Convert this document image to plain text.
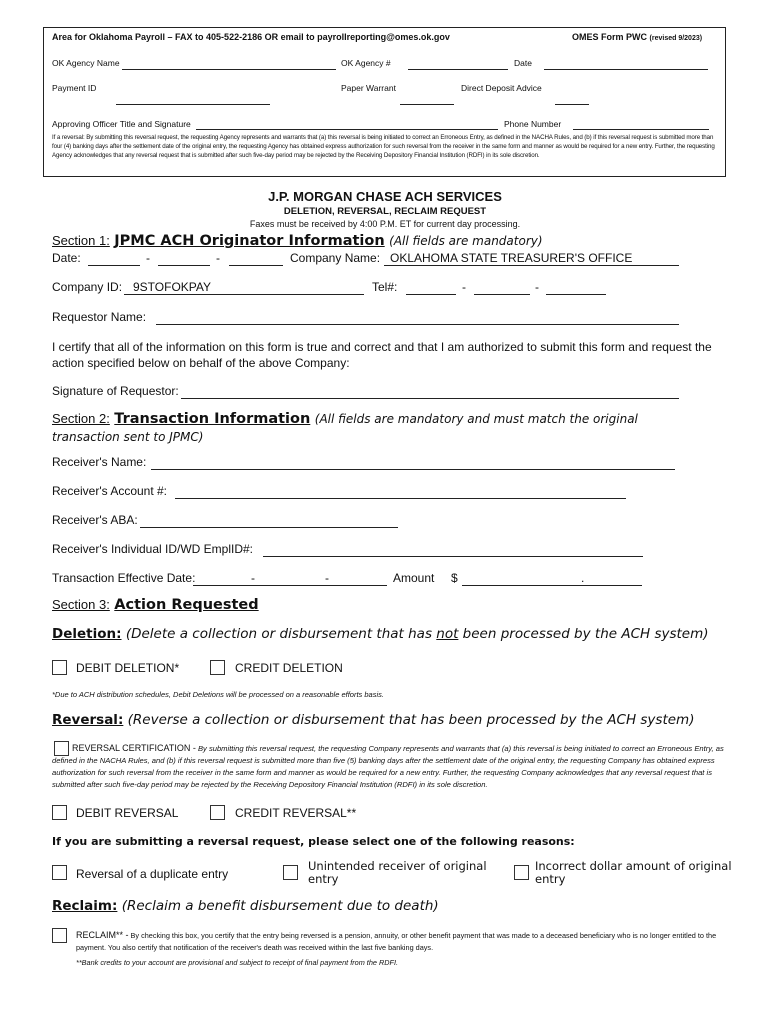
Area for Oklahoma Payroll – FAX to 405-522-2186 OR email to payrollreporting@omes.ok.gov	OMES Form PWC (revised 9/2023)
OK Agency Name	OK Agency #	Date
Payment ID	Paper Warrant	Direct Deposit Advice
Approving Officer Title and Signature	Phone Number
If a reversal: By submitting this reversal request, the requesting Agency represents and warrants that (a) this reversal is being initiated to correct an Erroneous Entry, as defined in the NACHA Rules, and (b) if this reversal request is submitted more than four (4) banking days after the settlement date of the original entry, the requesting Agency has obtained express authorization for such reversal from the receiver in the same form and manner as would be required for a new entry. Further, the requesting Agency acknowledges that any reversal request that is submitted after such five-day period may be rejected by the Receiving Depository Financial Institution (RDFI) in its sole discretion.
J.P. MORGAN CHASE ACH SERVICES
DELETION, REVERSAL, RECLAIM REQUEST
Faxes must be received by 4:00 P.M. ET for current day processing.
Section 1: JPMC ACH Originator Information (All fields are mandatory)
Date:	-	-	Company Name: OKLAHOMA STATE TREASURER'S OFFICE
Company ID: 9STOFOKPAY	Tel#:	-	-
Requestor Name:
I certify that all of the information on this form is true and correct and that I am authorized to submit this form and request the action specified below on behalf of the above Company:
Signature of Requestor:
Section 2: Transaction Information (All fields are mandatory and must match the original
transaction sent to JPMC)
Receiver's Name:
Receiver's Account #:
Receiver's ABA:
Receiver's Individual ID/WD EmplID#:
Transaction Effective Date:	-	-	Amount $	.
Section 3: Action Requested
Deletion: (Delete a collection or disbursement that has not been processed by the ACH system)
DEBIT DELETION*	CREDIT DELETION
*Due to ACH distribution schedules, Debit Deletions will be processed on a reasonable efforts basis.
Reversal: (Reverse a collection or disbursement that has been processed by the ACH system)
REVERSAL CERTIFICATION - By submitting this reversal request, the requesting Company represents and warrants that (a) this reversal is being initiated to correct an Erroneous Entry, as defined in the NACHA Rules, and (b) if this reversal request is submitted more than five (5) banking days after the settlement date of the original entry, the requesting Company has obtained express authorization for such reversal from the receiver in the same form and manner as would be required for a new entry. Further, the requesting Company acknowledges that any reversal request that is submitted after such five-day period may be rejected by the Receiving Depository Financial Institution (RDFI) in its sole discretion.
DEBIT REVERSAL	CREDIT REVERSAL**
If you are submitting a reversal request, please select one of the following reasons:
Reversal of a duplicate entry
Unintended receiver of original entry
Incorrect dollar amount of original entry
Reclaim: (Reclaim a benefit disbursement due to death)
RECLAIM** - By checking this box, you certify that the entry being reversed is a pension, annuity, or other benefit payment that was made to a deceased beneficiary who is no longer entitled to the payment. You also certify that notification of the receiver's death was received within the last five banking days.
**Bank credits to your account are provisional and subject to receipt of final payment from the RDFI.
